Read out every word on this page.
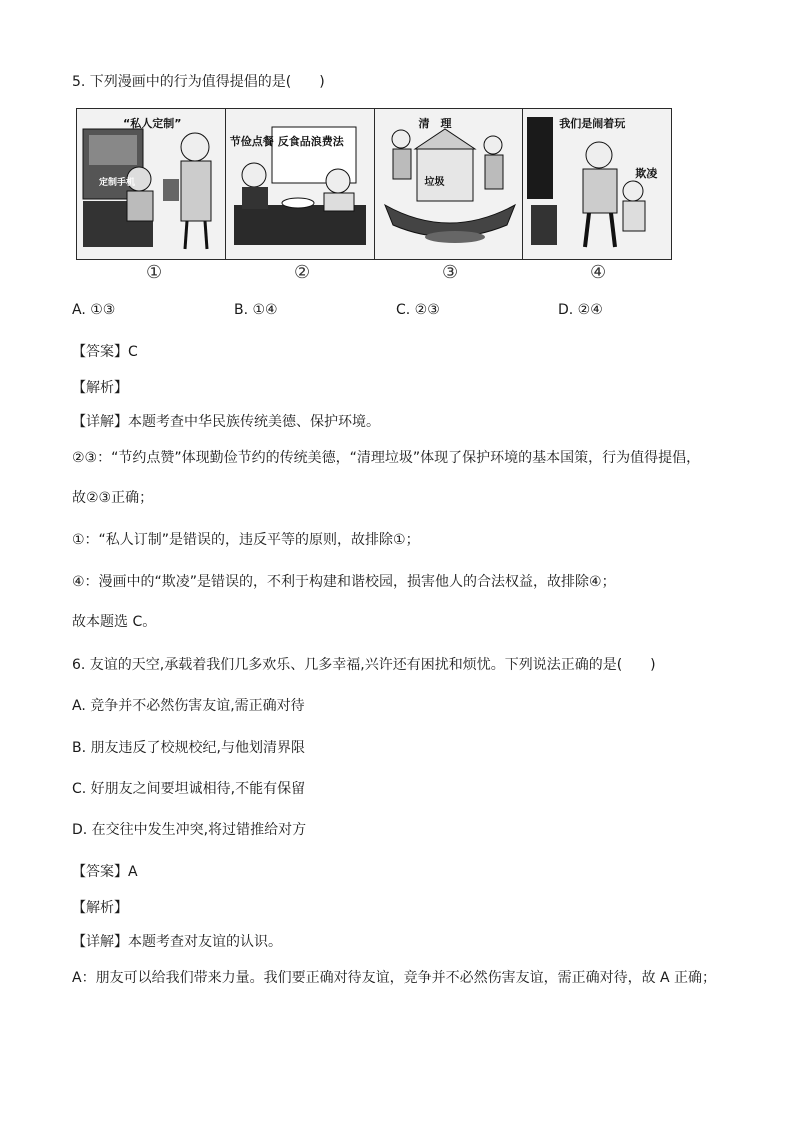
5. 下列漫画中的行为值得提倡的是(　　)
“私人定制”
定制手机
节俭点餐 反食品浪费法
清　理
垃圾
我们是闹着玩
欺凌
①	②	③	④
A. ①③	B. ①④	C. ②③	D. ②④
【答案】C
【解析】
【详解】本题考查中华民族传统美德、保护环境。
②③：“节约点赞”体现勤俭节约的传统美德，“清理垃圾”体现了保护环境的基本国策，行为值得提倡，
故②③正确；
①：“私人订制”是错误的，违反平等的原则，故排除①；
④：漫画中的“欺凌”是错误的，不利于构建和谐校园，损害他人的合法权益，故排除④；
故本题选 C。
6. 友谊的天空,承载着我们几多欢乐、几多幸福,兴许还有困扰和烦忧。下列说法正确的是(　　)
A. 竞争并不必然伤害友谊,需正确对待
B. 朋友违反了校规校纪,与他划清界限
C. 好朋友之间要坦诚相待,不能有保留
D. 在交往中发生冲突,将过错推给对方
【答案】A
【解析】
【详解】本题考查对友谊的认识。
A：朋友可以给我们带来力量。我们要正确对待友谊，竞争并不必然伤害友谊，需正确对待，故 A 正确；
